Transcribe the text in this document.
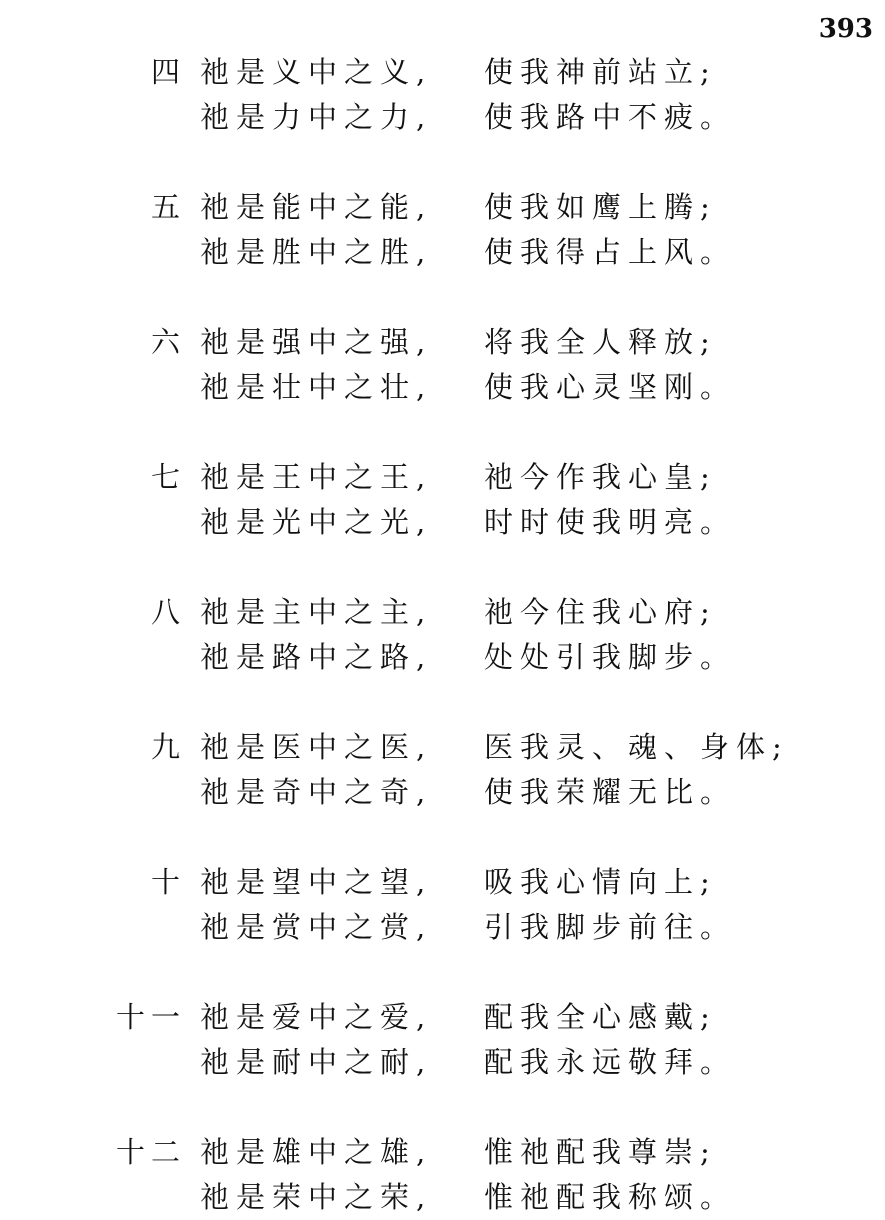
393
四 祂是义中之义, 使我神前站立;
祂是力中之力, 使我路中不疲。
五 祂是能中之能, 使我如鹰上腾;
祂是胜中之胜, 使我得占上风。
六 祂是强中之强, 将我全人释放;
祂是壮中之壮, 使我心灵坚刚。
七 祂是王中之王, 祂今作我心皇;
祂是光中之光, 时时使我明亮。
八 祂是主中之主, 祂今住我心府;
祂是路中之路, 处处引我脚步。
九 祂是医中之医, 医我灵、魂、身体;
祂是奇中之奇, 使我荣耀无比。
十 祂是望中之望, 吸我心情向上;
祂是赏中之赏, 引我脚步前往。
十一 祂是爱中之爱, 配我全心感戴;
祂是耐中之耐, 配我永远敬拜。
十二 祂是雄中之雄, 惟祂配我尊崇;
祂是荣中之荣, 惟祂配我称颂。
